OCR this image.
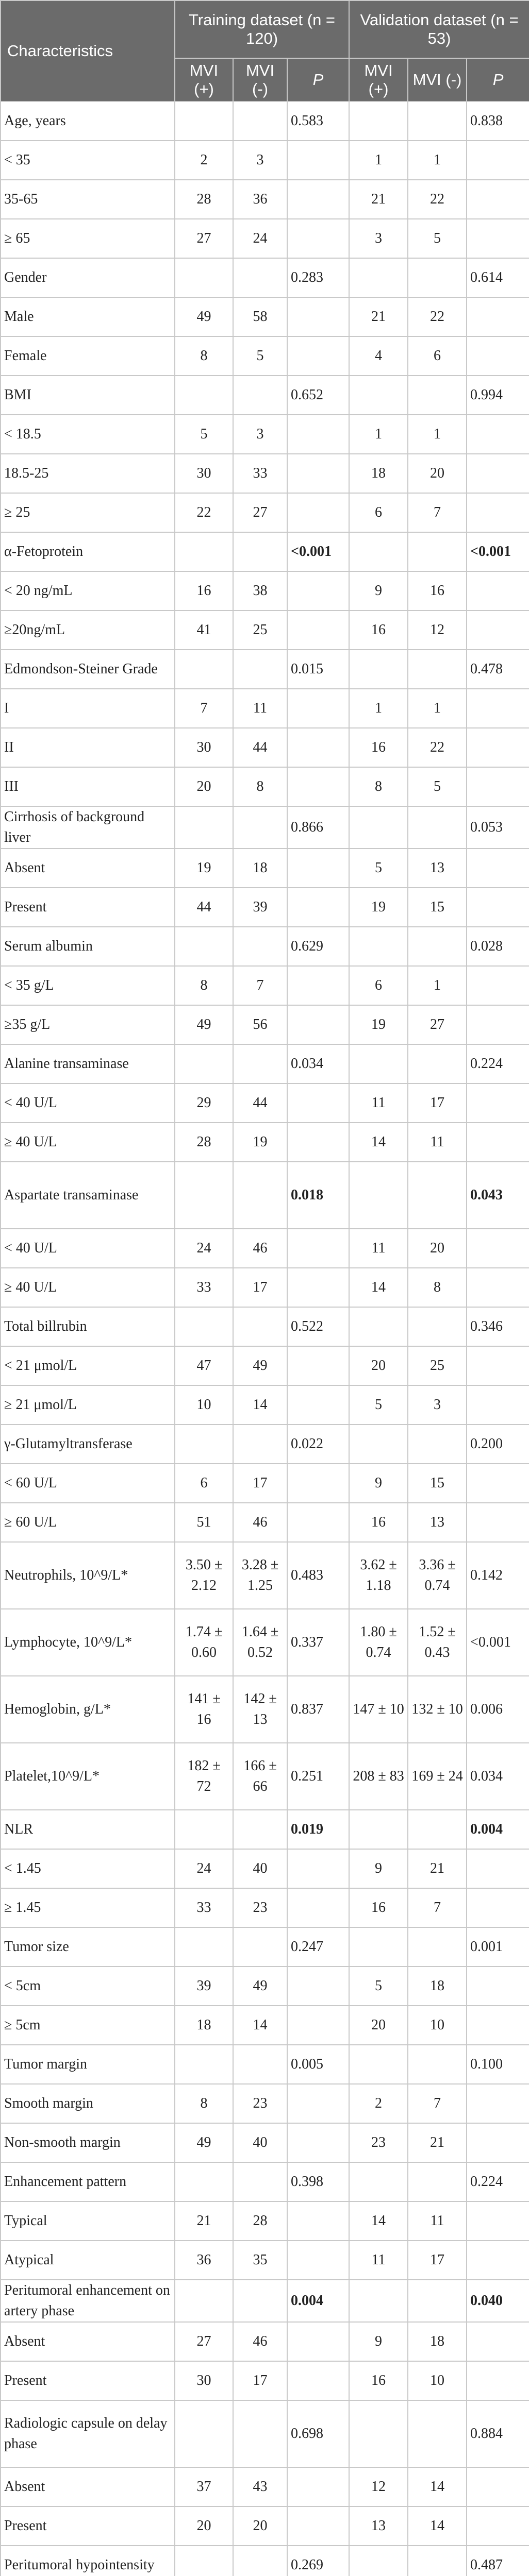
Characteristics	Training dataset (n = 120)			Validation dataset (n = 53)		
	MVI (+)	MVI (-)	P	MVI (+)	MVI (-)	P
Age, years			0.583			0.838
< 35	2	3		1	1	
35-65	28	36		21	22	
≥ 65	27	24		3	5	
Gender			0.283			0.614
Male	49	58		21	22	
Female	8	5		4	6	
BMI			0.652			0.994
< 18.5	5	3		1	1	
18.5-25	30	33		18	20	
≥ 25	22	27		6	7	
α-Fetoprotein			<0.001			<0.001
< 20 ng/mL	16	38		9	16	
≥20ng/mL	41	25		16	12	
Edmondson-Steiner Grade			0.015			0.478
I	7	11		1	1	
II	30	44		16	22	
III	20	8		8	5	
Cirrhosis of background liver			0.866			0.053
Absent	19	18		5	13	
Present	44	39		19	15	
Serum albumin			0.629			0.028
< 35 g/L	8	7		6	1	
≥35 g/L	49	56		19	27	
Alanine transaminase			0.034			0.224
< 40 U/L	29	44		11	17	
≥ 40 U/L	28	19		14	11	
Aspartate transaminase			0.018			0.043
< 40 U/L	24	46		11	20	
≥ 40 U/L	33	17		14	8	
Total billrubin			0.522			0.346
< 21 μmol/L	47	49		20	25	
≥ 21 μmol/L	10	14		5	3	
γ-Glutamyltransferase			0.022			0.200
< 60 U/L	6	17		9	15	
≥ 60 U/L	51	46		16	13	
Neutrophils, 10^9/L*	3.50 ± 2.12	3.28 ± 1.25	0.483	3.62 ± 1.18	3.36 ± 0.74	0.142
Lymphocyte, 10^9/L*	1.74 ± 0.60	1.64 ± 0.52	0.337	1.80 ± 0.74	1.52 ± 0.43	<0.001
Hemoglobin, g/L*	141 ± 16	142 ± 13	0.837	147 ± 10	132 ± 10	0.006
Platelet,10^9/L*	182 ± 72	166 ± 66	0.251	208 ± 83	169 ± 24	0.034
NLR			0.019			0.004
< 1.45	24	40		9	21	
≥ 1.45	33	23		16	7	
Tumor size			0.247			0.001
< 5cm	39	49		5	18	
≥ 5cm	18	14		20	10	
Tumor margin			0.005			0.100
Smooth margin	8	23		2	7	
Non-smooth margin	49	40		23	21	
Enhancement pattern			0.398			0.224
Typical	21	28		14	11	
Atypical	36	35		11	17	
Peritumoral enhancement on artery phase			0.004			0.040
Absent	27	46		9	18	
Present	30	17		16	10	
Radiologic capsule on delay phase			0.698			0.884
Absent	37	43		12	14	
Present	20	20		13	14	
Peritumoral hypointensity			0.269			0.487
